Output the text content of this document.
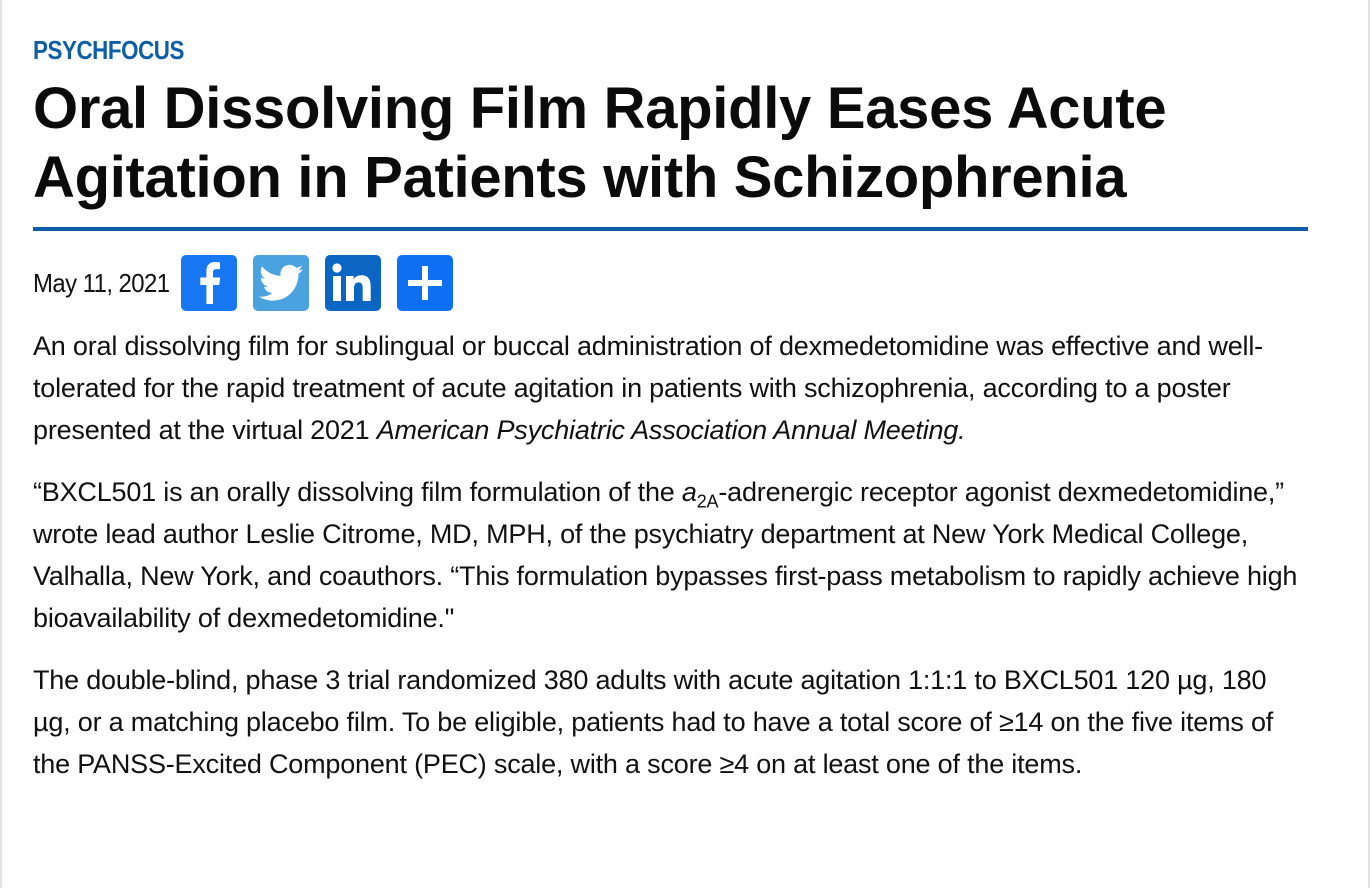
PSYCHFOCUS
Oral Dissolving Film Rapidly Eases Acute Agitation in Patients with Schizophrenia
May 11, 2021

An oral dissolving film for sublingual or buccal administration of dexmedetomidine was effective and well-tolerated for the rapid treatment of acute agitation in patients with schizophrenia, according to a poster presented at the virtual 2021 American Psychiatric Association Annual Meeting.

“BXCL501 is an orally dissolving film formulation of the $a_{2A}$-adrenergic receptor agonist dexmedetomidine,” wrote lead author Leslie Citrome, MD, MPH, of the psychiatry department at New York Medical College, Valhalla, New York, and coauthors. “This formulation bypasses first-pass metabolism to rapidly achieve high bioavailability of dexmedetomidine."

The double-blind, phase 3 trial randomized 380 adults with acute agitation 1:1:1 to BXCL501 120 µg, 180 µg, or a matching placebo film. To be eligible, patients had to have a total score of ≥14 on the five items of the PANSS-Excited Component (PEC) scale, with a score ≥4 on at least one of the items.
